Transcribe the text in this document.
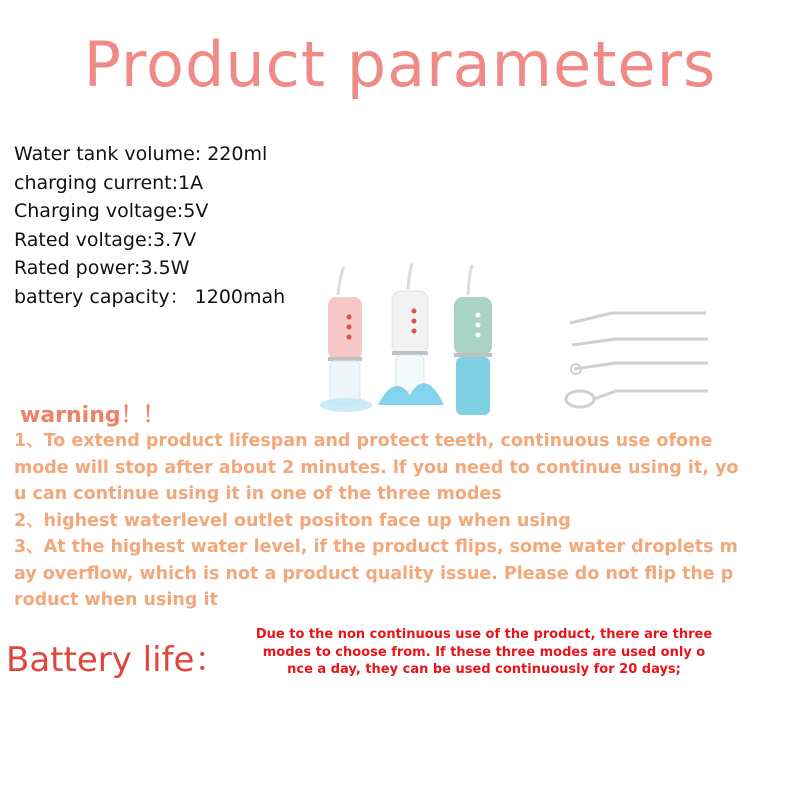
Product parameters
Water tank volume: 220ml
charging current:1A
Charging voltage:5V
Rated voltage:3.7V
Rated power:3.5W
battery capacity： 1200mah
warning！！
1、To extend product lifespan and protect teeth, continuous use ofone
mode will stop after about 2 minutes. lf you need to continue using it, yo
u can continue using it in one of the three modes
2、highest waterlevel outlet positon face up when using
3、At the highest water level, if the product flips, some water droplets m
ay overflow, which is not a product quality issue. Please do not flip the p
roduct when using it
Battery life：
Due to the non continuous use of the product, there are three
modes to choose from. If these three modes are used only o
nce a day, they can be used continuously for 20 days;
